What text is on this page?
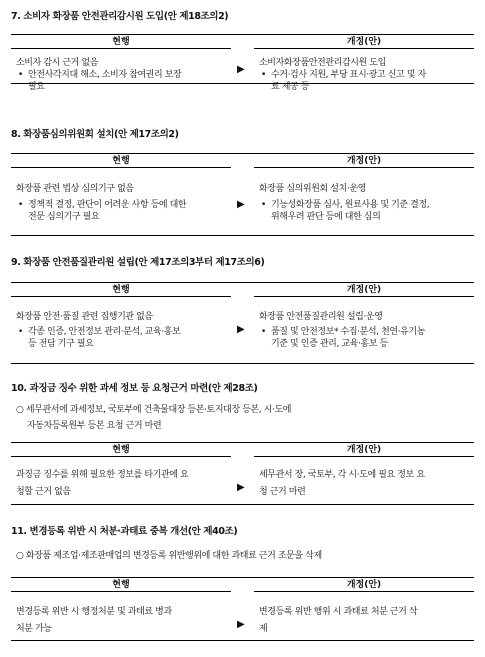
7. 소비자 화장품 안전관리감시원 도입(안 제18조의2)
현행
소비자 감시 근거 없음
• 안전사각지대 해소, 소비자 참여권리 보장
필요
▶
개정(안)
소비자화장품안전관리감시원 도입
• 수거·검사 지원, 부당 표시·광고 신고 및 자
료 제공 등
8. 화장품심의위원회 설치(안 제17조의2)
현행
화장품 관련 법상 심의기구 없음
• 정책적 결정, 판단이 어려운 사항 등에 대한
전문 심의기구 필요
▶
개정(안)
화장품 심의위원회 설치·운영
• 기능성화장품 심사, 원료사용 및 기준 결정,
위해우려 판단 등에 대한 심의
9. 화장품 안전품질관리원 설립(안 제17조의3부터 제17조의6)
현행
화장품 안전·품질 관련 집행기관 없음
• 각종 인증, 안전정보 관리·분석, 교육·홍보
등 전담 기구 필요
▶
개정(안)
화장품 안전품질관리원 설립·운영
• 품질 및 안전정보* 수집·분석, 천연·유기농
기준 및 인증 관리, 교육·홍보 등
10. 과징금 징수 위한 과세 정보 등 요청근거 마련(안 제28조)
○ 세무관서에 과세정보, 국토부에 건축물대장 등본·토지대장 등본, 시·도에
자동차등록원부 등본 요청 근거 마련
현행
과징금 징수를 위해 필요한 정보를 타기관에 요
청할 근거 없음	▶
개정(안)
세무관서 장, 국토부, 각 시·도에 필요 정보 요
청 근거 마련
11. 변경등록 위반 시 처분·과태료 중복 개선(안 제40조)
○ 화장품 제조업·제조판매업의 변경등록 위반행위에 대한 과태료 근거 조문을 삭제
현행
변경등록 위반 시 행정처분 및 과태료 병과
처분 가능	▶
개정(안)
변경등록 위반 행위 시 과태료 처분 근거 삭
제
